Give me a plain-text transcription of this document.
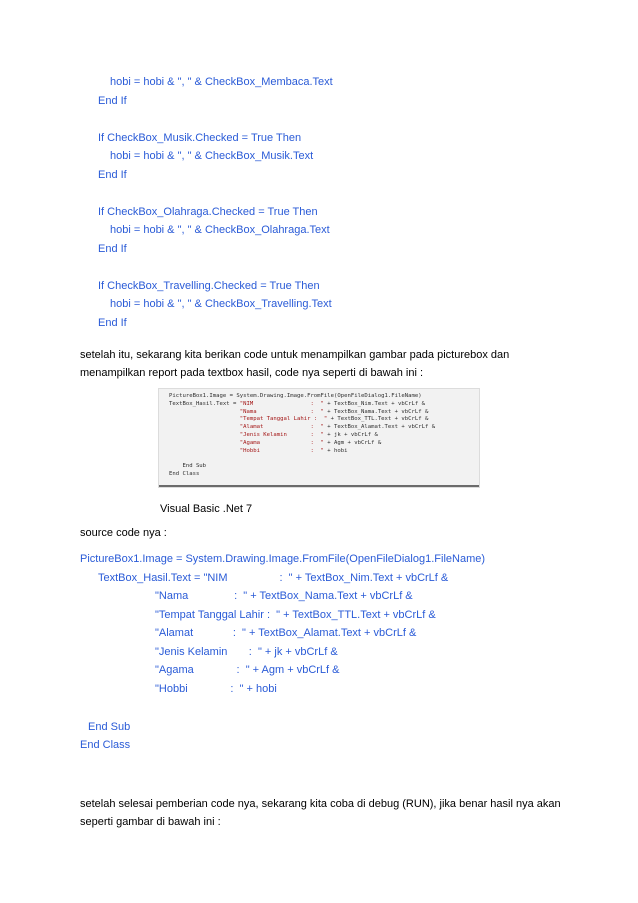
hobi = hobi & ", " & CheckBox_Membaca.Text
End If
If CheckBox_Musik.Checked = True Then
hobi = hobi & ", " & CheckBox_Musik.Text
End If
If CheckBox_Olahraga.Checked = True Then
hobi = hobi & ", " & CheckBox_Olahraga.Text
End If
If CheckBox_Travelling.Checked = True Then
hobi = hobi & ", " & CheckBox_Travelling.Text
End If
setelah itu, sekarang kita berikan code untuk menampilkan gambar pada picturebox dan
menampilkan report pada textbox hasil, code nya seperti di bawah ini :
PictureBox1.Image = System.Drawing.Image.FromFile(OpenFileDialog1.FileName)
TextBox_Hasil.Text = "NIM                 :  " + TextBox_Nim.Text + vbCrLf &
"Nama                :  " + TextBox_Nama.Text + vbCrLf &
"Tempat Tanggal Lahir :  " + TextBox_TTL.Text + vbCrLf &
"Alamat              :  " + TextBox_Alamat.Text + vbCrLf &
"Jenis Kelamin       :  " + jk + vbCrLf &
"Agama               :  " + Agm + vbCrLf &
"Hobbi               :  " + hobi
End Sub
End Class
Visual Basic .Net 7
source code nya :
PictureBox1.Image = System.Drawing.Image.FromFile(OpenFileDialog1.FileName)
TextBox_Hasil.Text = "NIM                 :  " + TextBox_Nim.Text + vbCrLf &
"Nama               :  " + TextBox_Nama.Text + vbCrLf &
"Tempat Tanggal Lahir :  " + TextBox_TTL.Text + vbCrLf &
"Alamat             :  " + TextBox_Alamat.Text + vbCrLf &
"Jenis Kelamin       :  " + jk + vbCrLf &
"Agama              :  " + Agm + vbCrLf &
"Hobbi              :  " + hobi
End Sub
End Class
setelah selesai pemberian code nya, sekarang kita coba di debug (RUN), jika benar hasil nya akan
seperti gambar di bawah ini :
